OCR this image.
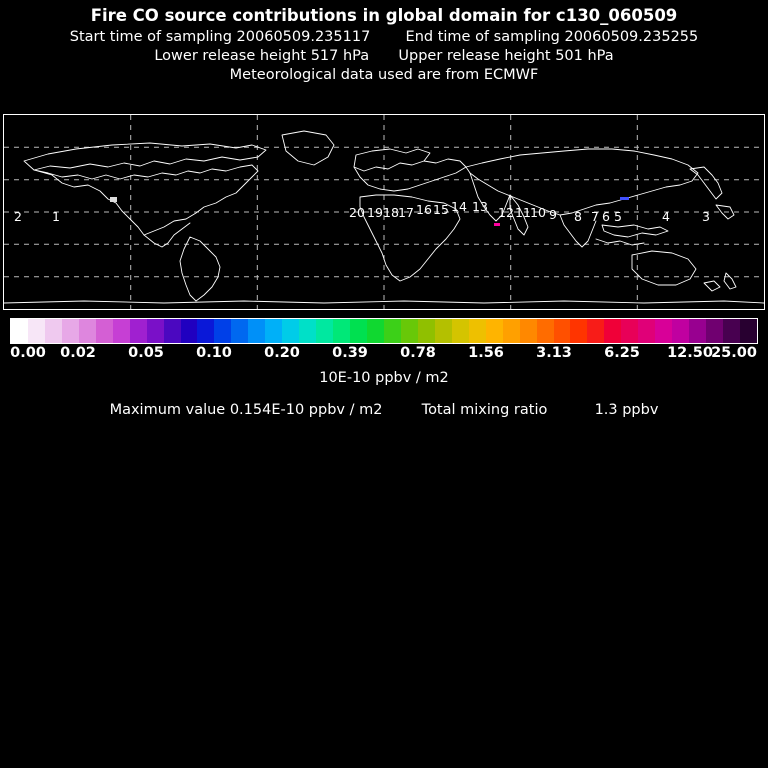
Fire CO source contributions in global domain for c130_060509
Start time of sampling 20060509.235117 End time of sampling 20060509.235255
Lower release height 517 hPa Upper release height 501 hPa
Meteorological data used are from ECMWF
20 19 18 17 16 15 14 13 12 11 10 9 8 7 6 5	4	3
2 1
0.00 0.02 0.05 0.10 0.20 0.39 0.78 1.56 3.13 6.25 12.50
25.00
10E-10 ppbv / m2
Maximum value 0.154E-10 ppbv / m2	Total mixing ratio	1.3 ppbv
